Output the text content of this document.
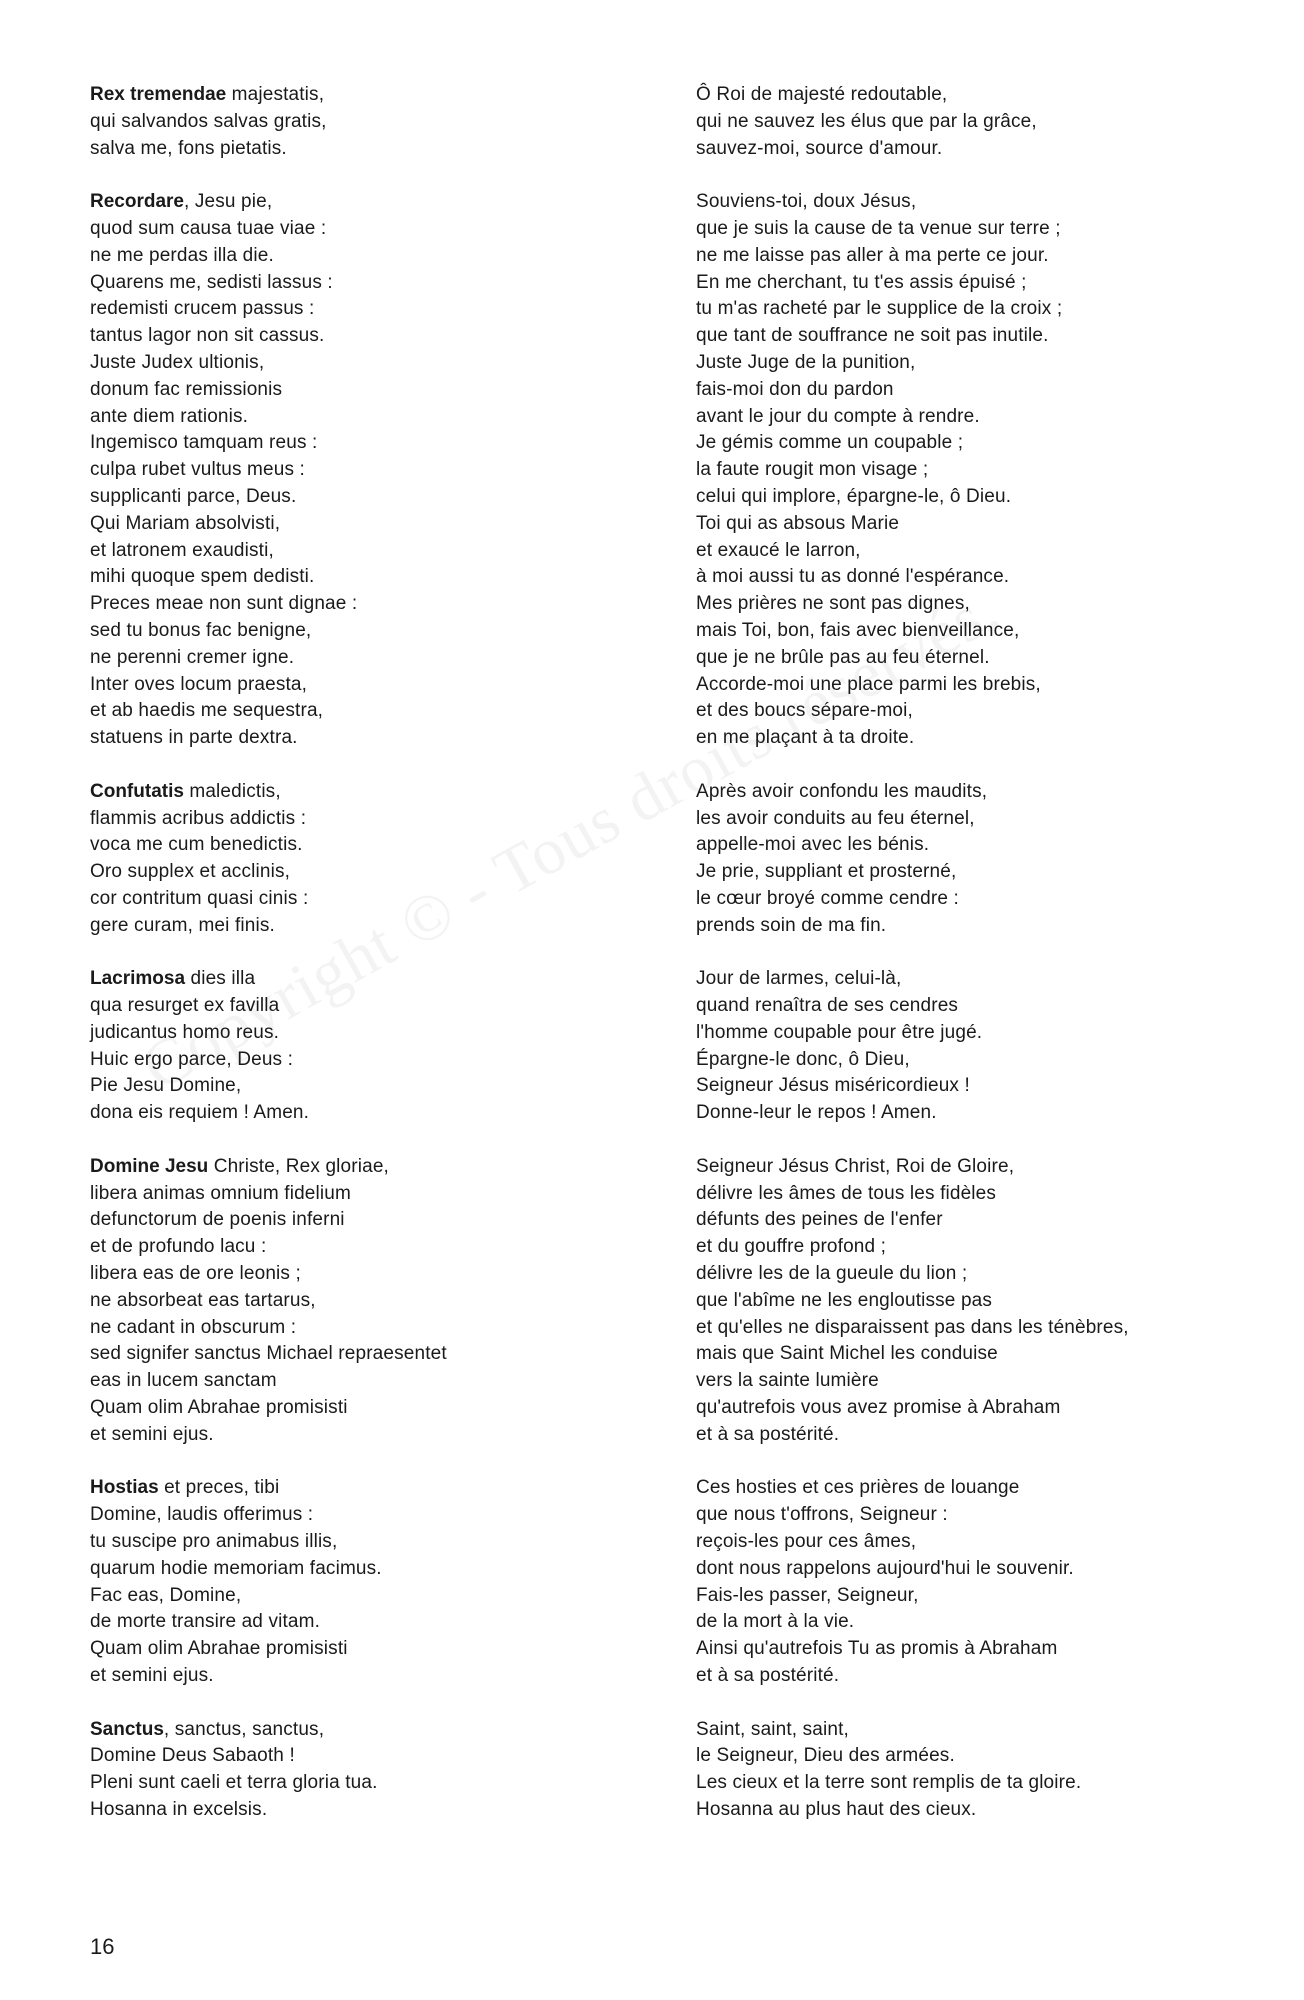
Rex tremendae majestatis,
qui salvandos salvas gratis,
salva me, fons pietatis.
Recordare, Jesu pie,
quod sum causa tuae viae :
ne me perdas illa die.
Quarens me, sedisti lassus :
redemisti crucem passus :
tantus lagor non sit cassus.
Juste Judex ultionis,
donum fac remissionis
ante diem rationis.
Ingemisco tamquam reus :
culpa rubet vultus meus :
supplicanti parce, Deus.
Qui Mariam absolvisti,
et latronem exaudisti,
mihi quoque spem dedisti.
Preces meae non sunt dignae :
sed tu bonus fac benigne,
ne perenni cremer igne.
Inter oves locum praesta,
et ab haedis me sequestra,
statuens in parte dextra.
Confutatis maledictis,
flammis acribus addictis :
voca me cum benedictis.
Oro supplex et acclinis,
cor contritum quasi cinis :
gere curam, mei finis.
Lacrimosa dies illa
qua resurget ex favilla
judicantus homo reus.
Huic ergo parce, Deus :
Pie Jesu Domine,
dona eis requiem ! Amen.
Domine Jesu Christe, Rex gloriae,
libera animas omnium fidelium
defunctorum de poenis inferni
et de profundo lacu :
libera eas de ore leonis ;
ne absorbeat eas tartarus,
ne cadant in obscurum :
sed signifer sanctus Michael repraesentet
eas in lucem sanctam
Quam olim Abrahae promisisti
et semini ejus.
Hostias et preces, tibi
Domine, laudis offerimus :
tu suscipe pro animabus illis,
quarum hodie memoriam facimus.
Fac eas, Domine,
de morte transire ad vitam.
Quam olim Abrahae promisisti
et semini ejus.
Sanctus, sanctus, sanctus,
Domine Deus Sabaoth !
Pleni sunt caeli et terra gloria tua.
Hosanna in excelsis.
Ô Roi de majesté redoutable,
qui ne sauvez les élus que par la grâce,
sauvez-moi, source d'amour.
Souviens-toi, doux Jésus,
que je suis la cause de ta venue sur terre ;
ne me laisse pas aller à ma perte ce jour.
En me cherchant, tu t'es assis épuisé ;
tu m'as racheté par le supplice de la croix ;
que tant de souffrance ne soit pas inutile.
Juste Juge de la punition,
fais-moi don du pardon
avant le jour du compte à rendre.
Je gémis comme un coupable ;
la faute rougit mon visage ;
celui qui implore, épargne-le, ô Dieu.
Toi qui as absous Marie
et exaucé le larron,
à moi aussi tu as donné l'espérance.
Mes prières ne sont pas dignes,
mais Toi, bon, fais avec bienveillance,
que je ne brûle pas au feu éternel.
Accorde-moi une place parmi les brebis,
et des boucs sépare-moi,
en me plaçant à ta droite.
Après avoir confondu les maudits,
les avoir conduits au feu éternel,
appelle-moi avec les bénis.
Je prie, suppliant et prosterné,
le cœur broyé comme cendre :
prends soin de ma fin.
Jour de larmes, celui-là,
quand renaîtra de ses cendres
l'homme coupable pour être jugé.
Épargne-le donc, ô Dieu,
Seigneur Jésus miséricordieux !
Donne-leur le repos ! Amen.
Seigneur Jésus Christ, Roi de Gloire,
délivre les âmes de tous les fidèles
défunts des peines de l'enfer
et du gouffre profond ;
délivre les de la gueule du lion ;
que l'abîme ne les engloutisse pas
et qu'elles ne disparaissent pas dans les ténèbres,
mais que Saint Michel les conduise
vers la sainte lumière
qu'autrefois vous avez promise à Abraham
et à sa postérité.
Ces hosties et ces prières de louange
que nous t'offrons, Seigneur :
reçois-les pour ces âmes,
dont nous rappelons aujourd'hui le souvenir.
Fais-les passer, Seigneur,
de la mort à la vie.
Ainsi qu'autrefois Tu as promis à Abraham
et à sa postérité.
Saint, saint, saint,
le Seigneur, Dieu des armées.
Les cieux et la terre sont remplis de ta gloire.
Hosanna au plus haut des cieux.
16
